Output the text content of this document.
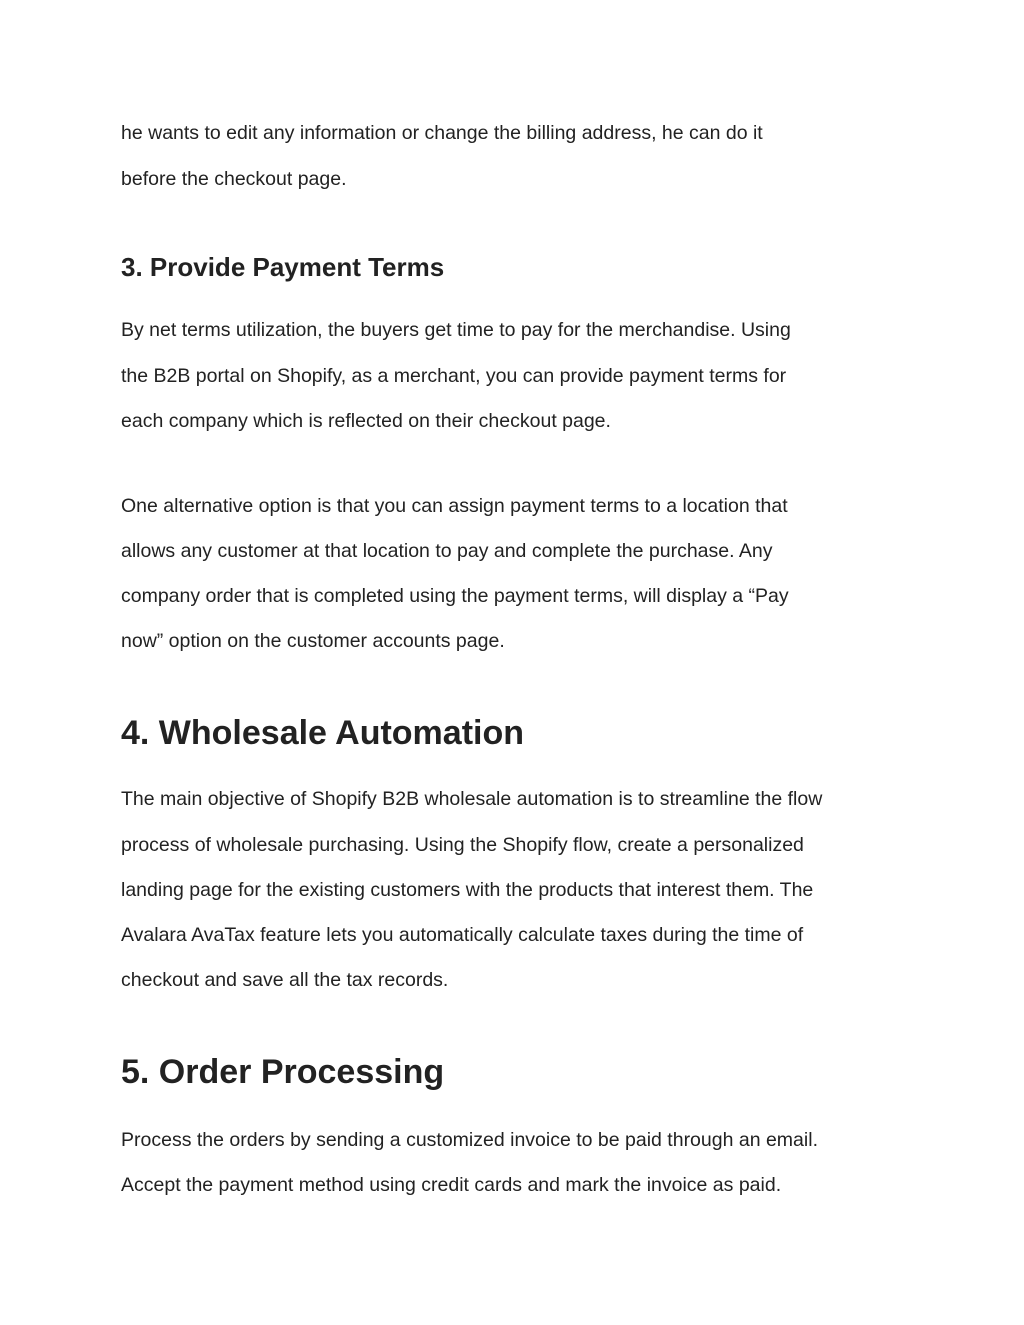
he wants to edit any information or change the billing address, he can do it

before the checkout page.

3. Provide Payment Terms

By net terms utilization, the buyers get time to pay for the merchandise. Using

the B2B portal on Shopify, as a merchant, you can provide payment terms for

each company which is reflected on their checkout page.

One alternative option is that you can assign payment terms to a location that

allows any customer at that location to pay and complete the purchase. Any

company order that is completed using the payment terms, will display a “Pay

now” option on the customer accounts page.

4. Wholesale Automation

The main objective of Shopify B2B wholesale automation is to streamline the flow

process of wholesale purchasing. Using the Shopify flow, create a personalized

landing page for the existing customers with the products that interest them. The

Avalara AvaTax feature lets you automatically calculate taxes during the time of

checkout and save all the tax records.

5. Order Processing

Process the orders by sending a customized invoice to be paid through an email.

Accept the payment method using credit cards and mark the invoice as paid.
